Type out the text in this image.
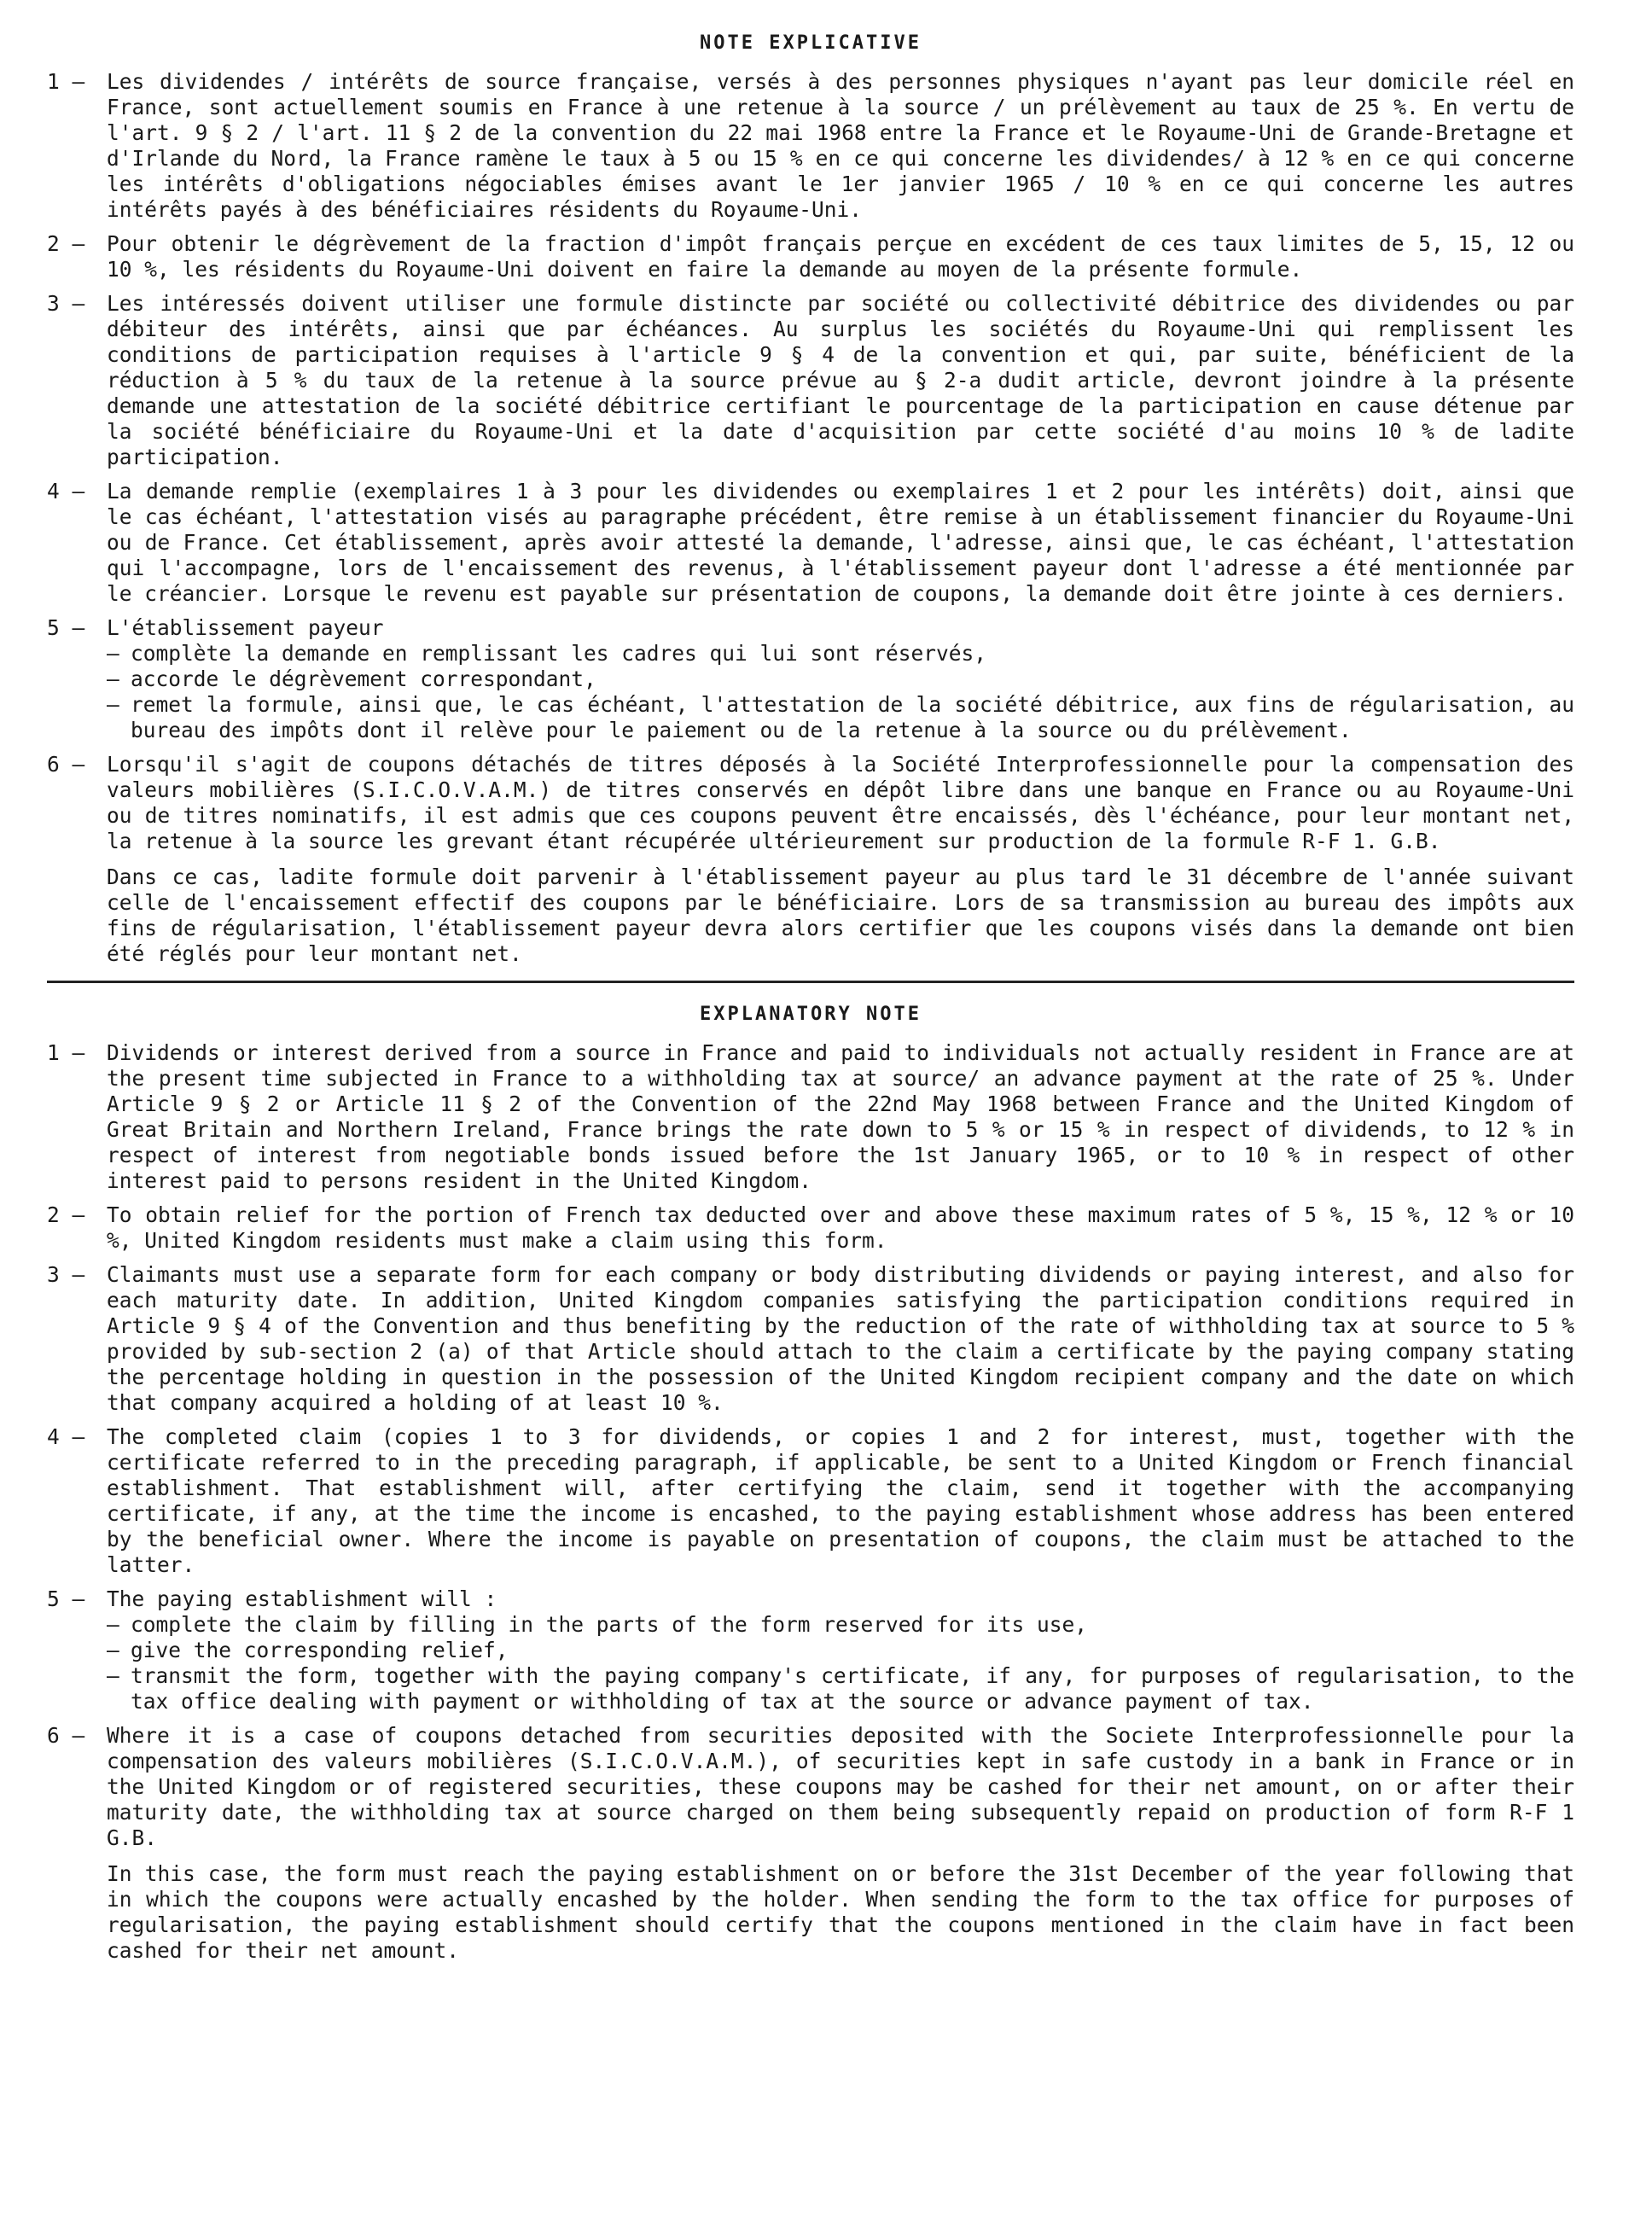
NOTE EXPLICATIVE
1 –	Les dividendes / intérêts de source française, versés à des personnes physiques n'ayant pas leur domicile réel en France, sont actuellement soumis en France à une retenue à la source / un prélèvement au taux de 25 %. En vertu de l'art. 9 § 2 / l'art. 11 § 2 de la convention du 22 mai 1968 entre la France et le Royaume-Uni de Grande-Bretagne et d'Irlande du Nord, la France ramène le taux à 5 ou 15 % en ce qui concerne les dividendes/ à 12 % en ce qui concerne les intérêts d'obligations négociables émises avant le 1er janvier 1965 / 10 % en ce qui concerne les autres intérêts payés à des bénéficiaires résidents du Royaume-Uni.

2 –	Pour obtenir le dégrèvement de la fraction d'impôt français perçue en excédent de ces taux limites de 5, 15, 12 ou 10 %, les résidents du Royaume-Uni doivent en faire la demande au moyen de la présente formule.

3 –	Les intéressés doivent utiliser une formule distincte par société ou collectivité débitrice des dividendes ou par débiteur des intérêts, ainsi que par échéances. Au surplus les sociétés du Royaume-Uni qui remplissent les conditions de participation requises à l'article 9 § 4 de la convention et qui, par suite, bénéficient de la réduction à 5 % du taux de la retenue à la source prévue au § 2-a dudit article, devront joindre à la présente demande une attestation de la société débitrice certifiant le pourcentage de la participation en cause détenue par la société bénéficiaire du Royaume-Uni et la date d'acquisition par cette société d'au moins 10 % de ladite participation.

4 –	La demande remplie (exemplaires 1 à 3 pour les dividendes ou exemplaires 1 et 2 pour les intérêts) doit, ainsi que le cas échéant, l'attestation visés au paragraphe précédent, être remise à un établissement financier du Royaume-Uni ou de France. Cet établissement, après avoir attesté la demande, l'adresse, ainsi que, le cas échéant, l'attestation qui l'accompagne, lors de l'encaissement des revenus, à l'établissement payeur dont l'adresse a été mentionnée par le créancier. Lorsque le revenu est payable sur présentation de coupons, la demande doit être jointe à ces derniers.

5 –	L'établissement payeur

– complète la demande en remplissant les cadres qui lui sont réservés,
– accorde le dégrèvement correspondant,
– remet la formule, ainsi que, le cas échéant, l'attestation de la société débitrice, aux fins de régularisation, au bureau des impôts dont il relève pour le paiement ou de la retenue à la source ou du prélèvement.
6 –	Lorsqu'il s'agit de coupons détachés de titres déposés à la Société Interprofessionnelle pour la compensation des valeurs mobilières (S.I.C.O.V.A.M.) de titres conservés en dépôt libre dans une banque en France ou au Royaume-Uni ou de titres nominatifs, il est admis que ces coupons peuvent être encaissés, dès l'échéance, pour leur montant net, la retenue à la source les grevant étant récupérée ultérieurement sur production de la formule R-F 1. G.B.

Dans ce cas, ladite formule doit parvenir à l'établissement payeur au plus tard le 31 décembre de l'année suivant celle de l'encaissement effectif des coupons par le bénéficiaire. Lors de sa transmission au bureau des impôts aux fins de régularisation, l'établissement payeur devra alors certifier que les coupons visés dans la demande ont bien été réglés pour leur montant net.

EXPLANATORY NOTE
1 –	Dividends or interest derived from a source in France and paid to individuals not actually resident in France are at the present time subjected in France to a withholding tax at source/ an advance payment at the rate of 25 %. Under Article 9 § 2 or Article 11 § 2 of the Convention of the 22nd May 1968 between France and the United Kingdom of Great Britain and Northern Ireland, France brings the rate down to 5 % or 15 % in respect of dividends, to 12 % in respect of interest from negotiable bonds issued before the 1st January 1965, or to 10 % in respect of other interest paid to persons resident in the United Kingdom.

2 –	To obtain relief for the portion of French tax deducted over and above these maximum rates of 5 %, 15 %, 12 % or 10 %, United Kingdom residents must make a claim using this form.

3 –	Claimants must use a separate form for each company or body distributing dividends or paying interest, and also for each maturity date. In addition, United Kingdom companies satisfying the participation conditions required in Article 9 § 4 of the Convention and thus benefiting by the reduction of the rate of withholding tax at source to 5 % provided by sub-section 2 (a) of that Article should attach to the claim a certificate by the paying company stating the percentage holding in question in the possession of the United Kingdom recipient company and the date on which that company acquired a holding of at least 10 %.

4 –	The completed claim (copies 1 to 3 for dividends, or copies 1 and 2 for interest, must, together with the certificate referred to in the preceding paragraph, if applicable, be sent to a United Kingdom or French financial establishment. That establishment will, after certifying the claim, send it together with the accompanying certificate, if any, at the time the income is encashed, to the paying establishment whose address has been entered by the beneficial owner. Where the income is payable on presentation of coupons, the claim must be attached to the latter.

5 –	The paying establishment will :

– complete the claim by filling in the parts of the form reserved for its use,
– give the corresponding relief,
– transmit the form, together with the paying company's certificate, if any, for purposes of regularisation, to the tax office dealing with payment or withholding of tax at the source or advance payment of tax.
6 –	Where it is a case of coupons detached from securities deposited with the Societe Interprofessionnelle pour la compensation des valeurs mobilières (S.I.C.O.V.A.M.), of securities kept in safe custody in a bank in France or in the United Kingdom or of registered securities, these coupons may be cashed for their net amount, on or after their maturity date, the withholding tax at source charged on them being subsequently repaid on production of form R-F 1 G.B.

In this case, the form must reach the paying establishment on or before the 31st December of the year following that in which the coupons were actually encashed by the holder. When sending the form to the tax office for purposes of regularisation, the paying establishment should certify that the coupons mentioned in the claim have in fact been cashed for their net amount.
